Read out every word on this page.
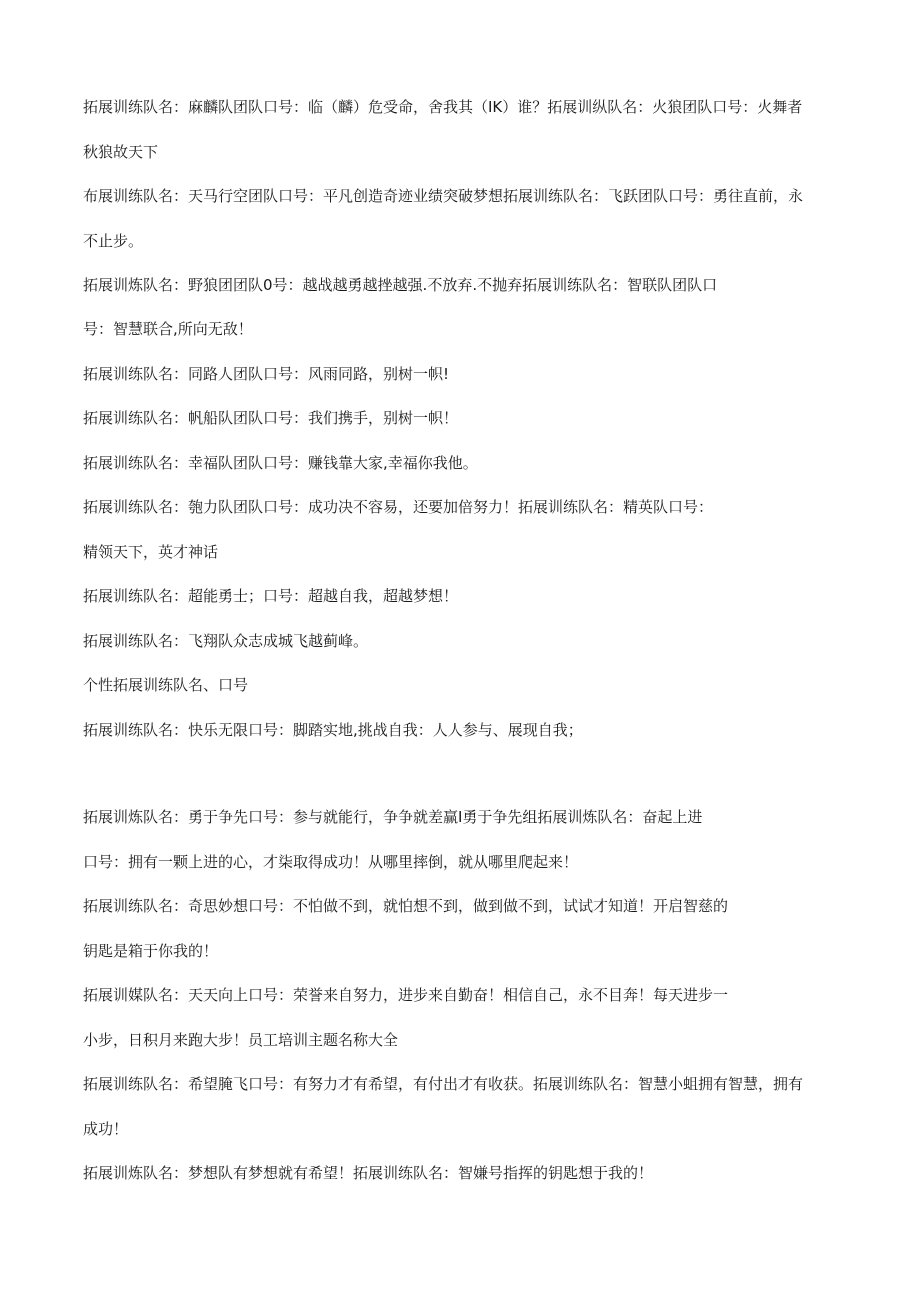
拓展训练队名：麻麟队团队口号：临（麟）危受命，舍我其（IK）谁？拓展训纵队名：火狼团队口号：火舞者
秋狼故天下
布展训练队名：天马行空团队口号：平凡创造奇迹业绩突破梦想拓展训练队名：飞跃团队口号：勇往直前，永
不止步。
拓展训炼队名：野狼团团队0号：越战越勇越挫越强.不放弃.不抛弃拓展训练队名：智联队团队口
号：智慧联合,所向无敌！
拓展训练队名：同路人团队口号：风雨同路，别树一帜!
拓展训练队名：帆船队团队口号：我们携手，别树一帜！
拓展训练队名：幸福队团队口号：赚钱靠大家,幸福你我他。
拓展训练队名：匏力队团队口号：成功决不容易，还要加倍努力！拓展训练队名：精英队口号：
精领天下，英才神话
拓展训练队名：超能勇士；口号：超越自我，超越梦想！
拓展训练队名：飞翔队众志成城飞越蓟峰。
个性拓展训练队名、口号
拓展训练队名：快乐无限口号：脚踏实地,挑战自我：人人参与、展现自我；
拓展训炼队名：勇于争先口号：参与就能行，争争就差赢I勇于争先组拓展训炼队名：奋起上进
口号：拥有一颗上进的心，才柒取得成功！从哪里摔倒，就从哪里爬起来！
拓展训练队名：奇思妙想口号：不怕做不到，就怕想不到，做到做不到，试试才知道！开启智慈的
钥匙是箱于你我的！
拓展训媒队名：天天向上口号：荣誉来自努力，进步来自勤奋！相信自己，永不目奔！每天进步一
小步，日积月来跑大步！员工培训主题名称大全
拓展训练队名：希望腌飞口号：有努力才有希望，有付出才有收获。拓展训练队名：智慧小蛆拥有智慧，拥有
成功！
拓展训炼队名：梦想队有梦想就有希望！拓展训练队名：智嫌号指挥的钥匙想于我的！
